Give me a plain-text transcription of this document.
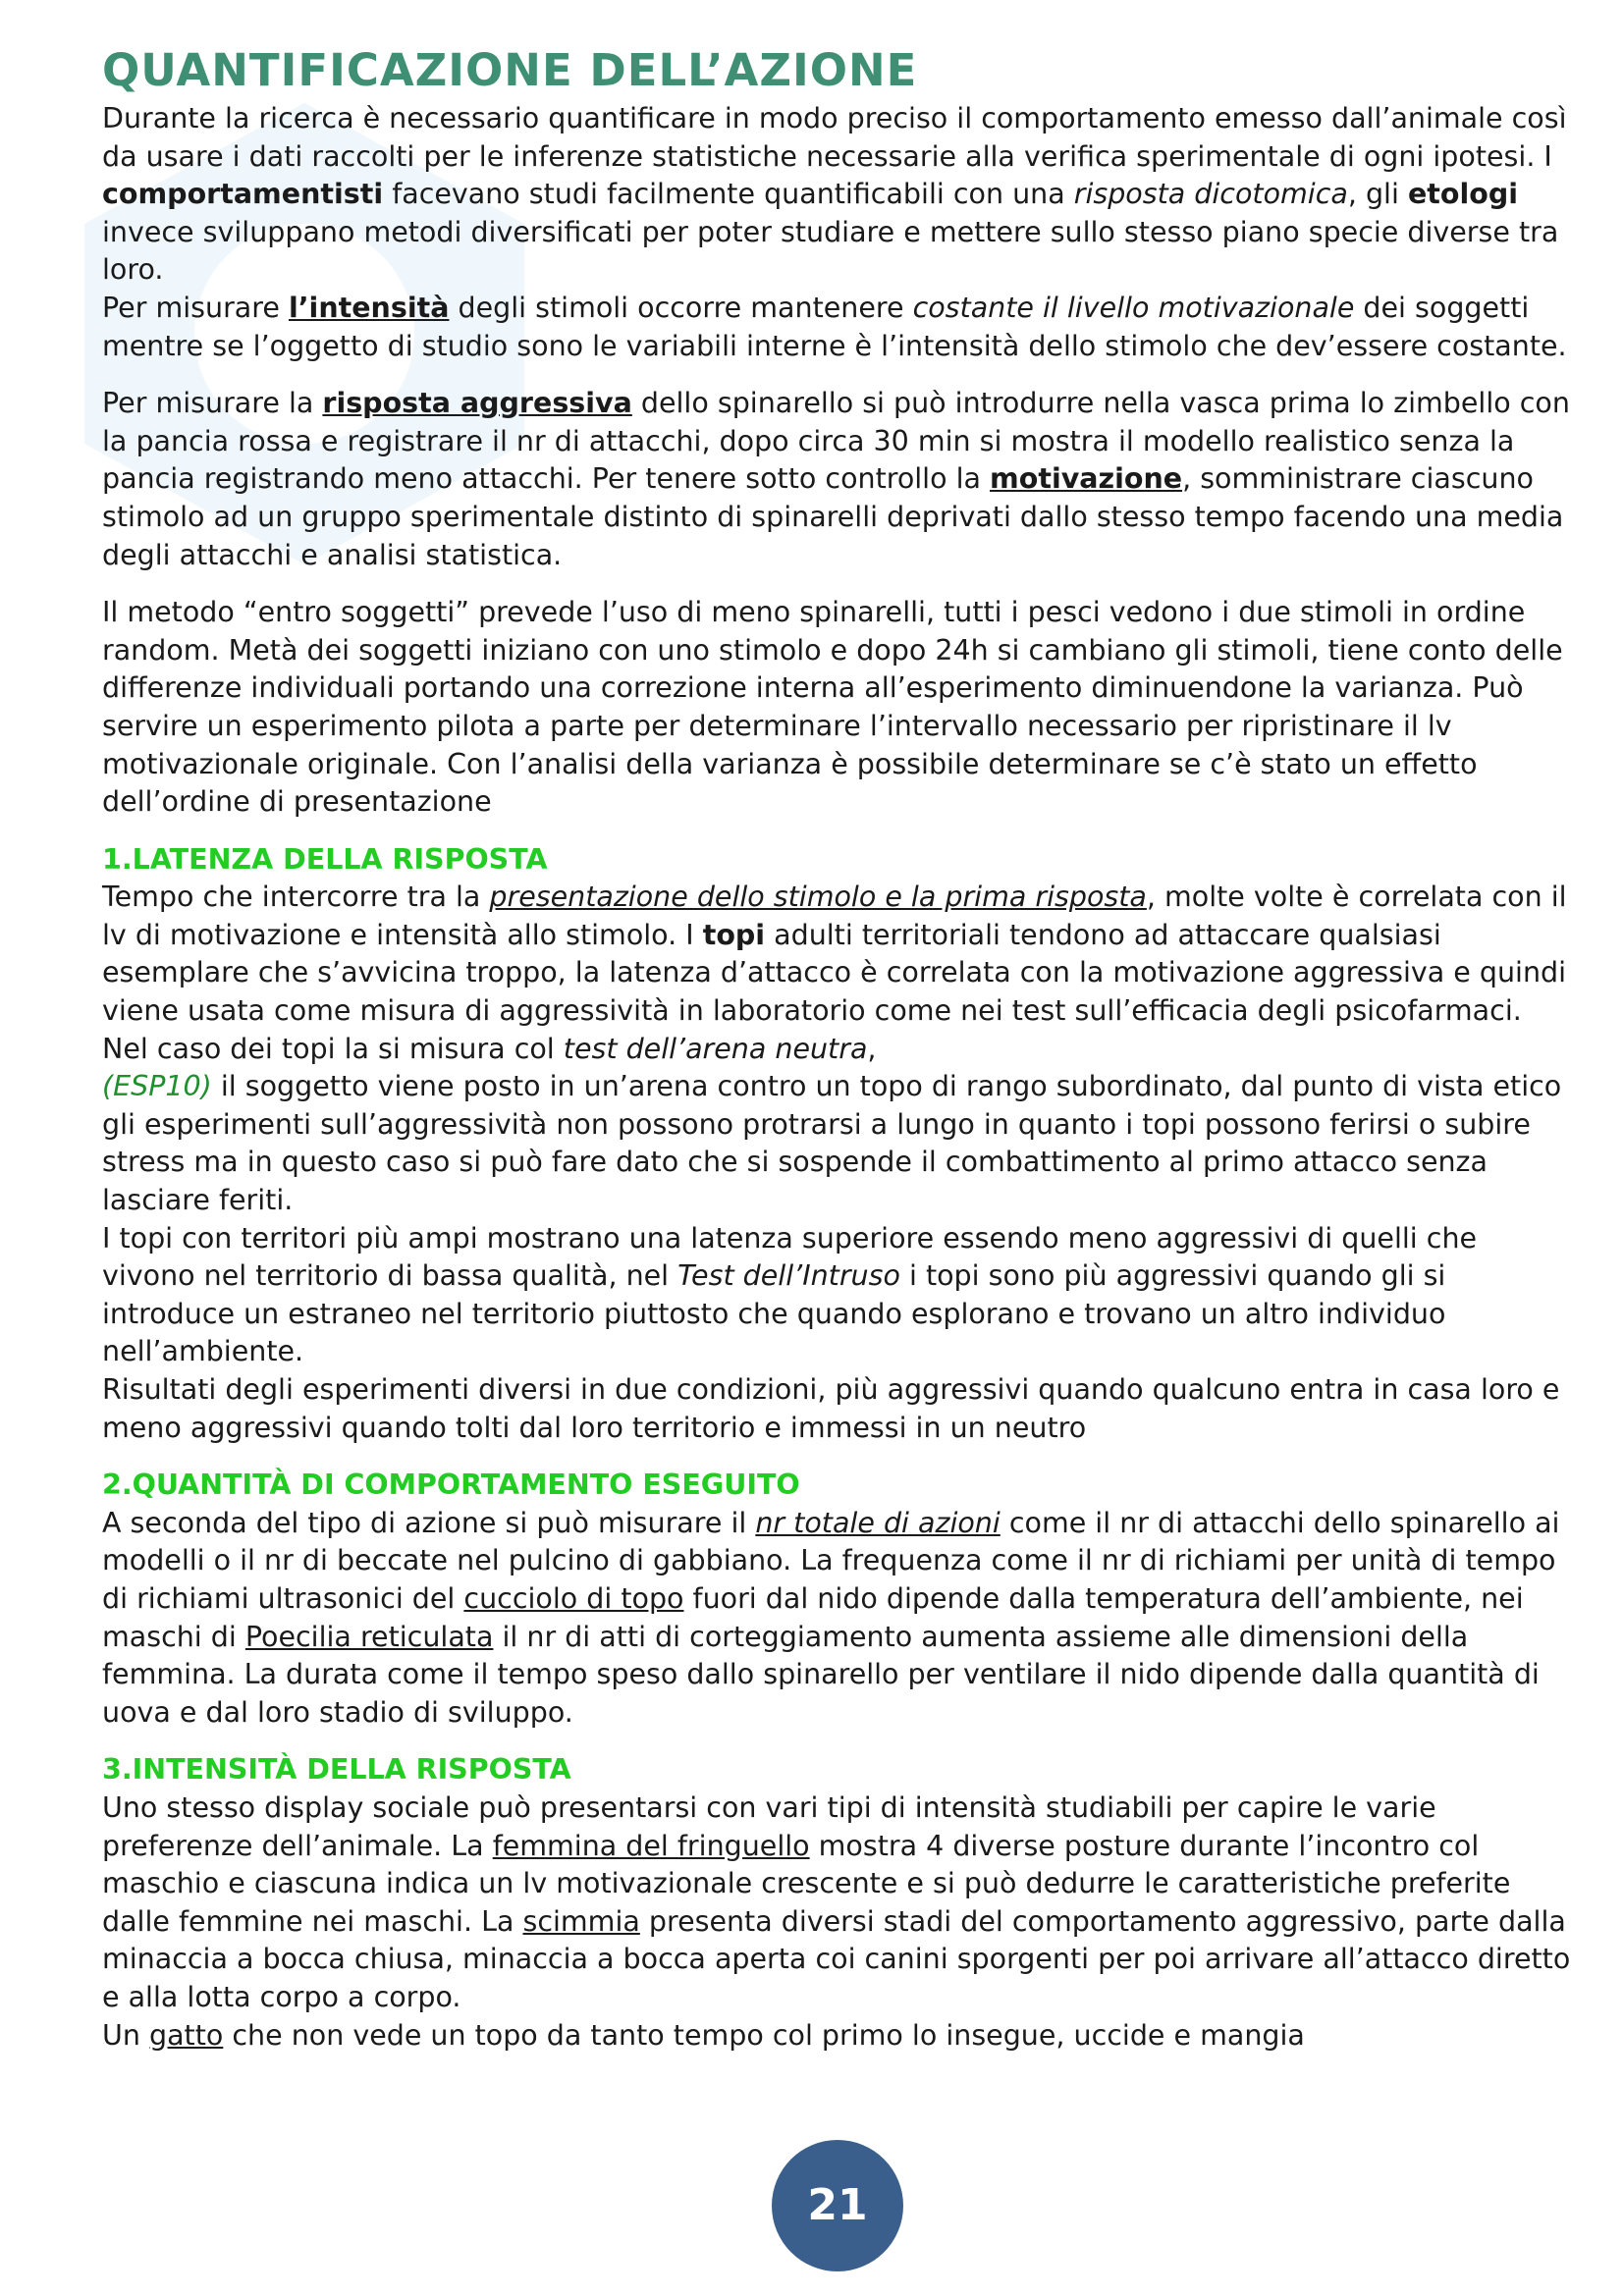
QUANTIFICAZIONE DELL’AZIONE

Durante la ricerca è necessario quantificare in modo preciso il comportamento emesso dall’animale così da usare i dati raccolti per le inferenze statistiche necessarie alla verifica sperimentale di ogni ipotesi. I comportamentisti facevano studi facilmente quantificabili con una risposta dicotomica, gli etologi invece sviluppano metodi diversificati per poter studiare e mettere sullo stesso piano specie diverse tra loro.

Per misurare l’intensità degli stimoli occorre mantenere costante il livello motivazionale dei soggetti mentre se l’oggetto di studio sono le variabili interne è l’intensità dello stimolo che dev’essere costante.

Per misurare la risposta aggressiva dello spinarello si può introdurre nella vasca prima lo zimbello con la pancia rossa e registrare il nr di attacchi, dopo circa 30 min si mostra il modello realistico senza la pancia registrando meno attacchi. Per tenere sotto controllo la motivazione, somministrare ciascuno stimolo ad un gruppo sperimentale distinto di spinarelli deprivati dallo stesso tempo facendo una media degli attacchi e analisi statistica.

Il metodo “entro soggetti” prevede l’uso di meno spinarelli, tutti i pesci vedono i due stimoli in ordine random. Metà dei soggetti iniziano con uno stimolo e dopo 24h si cambiano gli stimoli, tiene conto delle differenze individuali portando una correzione interna all’esperimento diminuendone la varianza. Può servire un esperimento pilota a parte per determinare l’intervallo necessario per ripristinare il lv motivazionale originale. Con l’analisi della varianza è possibile determinare se c’è stato un effetto dell’ordine di presentazione

1.LATENZA DELLA RISPOSTA

Tempo che intercorre tra la presentazione dello stimolo e la prima risposta, molte volte è correlata con il lv di motivazione e intensità allo stimolo. I topi adulti territoriali tendono ad attaccare qualsiasi esemplare che s’avvicina troppo, la latenza d’attacco è correlata con la motivazione aggressiva e quindi viene usata come misura di aggressività in laboratorio come nei test sull’efficacia degli psicofarmaci. Nel caso dei topi la si misura col test dell’arena neutra,
(ESP10) il soggetto viene posto in un’arena contro un topo di rango subordinato, dal punto di vista etico gli esperimenti sull’aggressività non possono protrarsi a lungo in quanto i topi possono ferirsi o subire stress ma in questo caso si può fare dato che si sospende il combattimento al primo attacco senza lasciare feriti.

I topi con territori più ampi mostrano una latenza superiore essendo meno aggressivi di quelli che vivono nel territorio di bassa qualità, nel Test dell’Intruso i topi sono più aggressivi quando gli si introduce un estraneo nel territorio piuttosto che quando esplorano e trovano un altro individuo nell’ambiente.

Risultati degli esperimenti diversi in due condizioni, più aggressivi quando qualcuno entra in casa loro e meno aggressivi quando tolti dal loro territorio e immessi in un neutro

2.QUANTITÀ DI COMPORTAMENTO ESEGUITO

A seconda del tipo di azione si può misurare il nr totale di azioni come il nr di attacchi dello spinarello ai modelli o il nr di beccate nel pulcino di gabbiano. La frequenza come il nr di richiami per unità di tempo di richiami ultrasonici del cucciolo di topo fuori dal nido dipende dalla temperatura dell’ambiente, nei maschi di Poecilia reticulata il nr di atti di corteggiamento aumenta assieme alle dimensioni della femmina. La durata come il tempo speso dallo spinarello per ventilare il nido dipende dalla quantità di uova e dal loro stadio di sviluppo.

3.INTENSITÀ DELLA RISPOSTA

Uno stesso display sociale può presentarsi con vari tipi di intensità studiabili per capire le varie preferenze dell’animale. La femmina del fringuello mostra 4 diverse posture durante l’incontro col maschio e ciascuna indica un lv motivazionale crescente e si può dedurre le caratteristiche preferite dalle femmine nei maschi. La scimmia presenta diversi stadi del comportamento aggressivo, parte dalla minaccia a bocca chiusa, minaccia a bocca aperta coi canini sporgenti per poi arrivare all’attacco diretto e alla lotta corpo a corpo.

Un gatto che non vede un topo da tanto tempo col primo lo insegue, uccide e mangia

21
